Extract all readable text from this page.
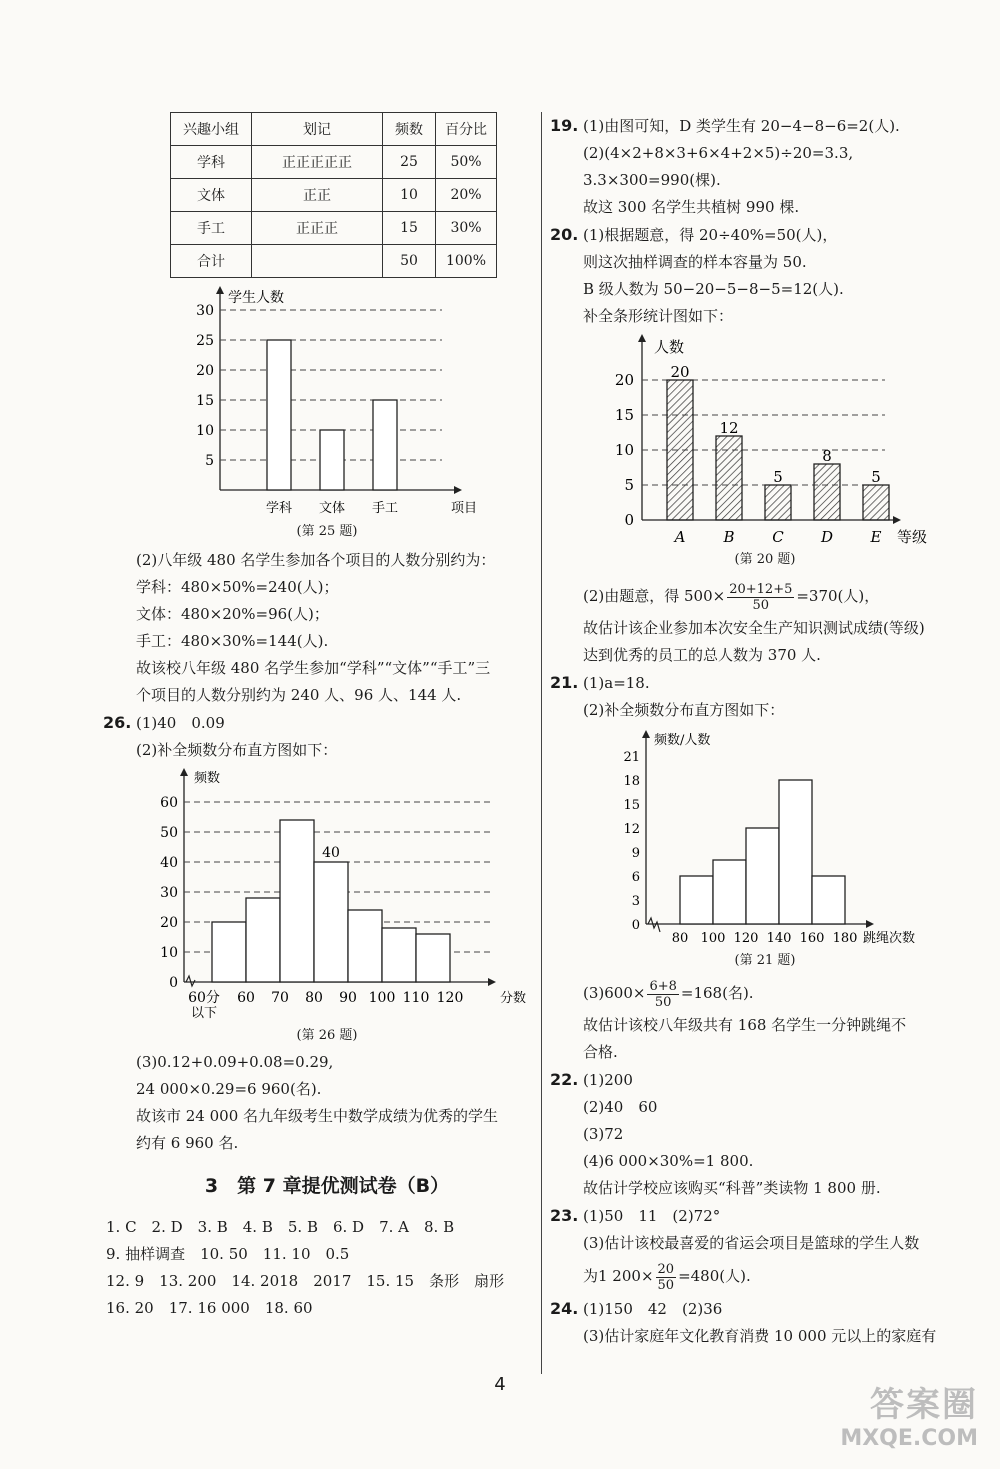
兴趣小组	划记	频数	百分比
学科	正正正正正	25	50%
文体	正正	10	20%
手工	正正正	15	30%
合计		50	100%
学生人数
5
10
15
20
25
30
学科 文体 手工	项目
(第 25 题)
(2)八年级 480 名学生参加各个项目的人数分别约为：
学科：480×50%=240(人)；
文体：480×20%=96(人)；
手工：480×30%=144(人).
故该校八年级 480 名学生参加“学科”“文体”“手工”三
个项目的人数分别约为 240 人、96 人、144 人.
26. (1)40　0.09
(2)补全频数分布直方图如下：
频数
0
10
20
30
40
50
60
60分 60 70 80 90 100 110 120
以下
40
分数
(第 26 题)
(3)0.12+0.09+0.08=0.29,
24 000×0.29=6 960(名).
故该市 24 000 名九年级考生中数学成绩为优秀的学生
约有 6 960 名.
3　第 7 章提优测试卷（B）
1. C　2. D　3. B　4. B　5. B　6. D　7. A　8. B
9. 抽样调查　10. 50　11. 10　0.5
12. 9　13. 200　14. 2018　2017　15. 15　条形　扇形
16. 20　17. 16 000　18. 60
19. (1)由图可知，D 类学生有 20−4−8−6=2(人).
(2)(4×2+8×3+6×4+2×5)÷20=3.3,
3.3×300=990(棵).
故这 300 名学生共植树 990 棵.
20. (1)根据题意，得 20÷40%=50(人)，
则这次抽样调查的样本容量为 50.
B 级人数为 50−20−5−8−5=12(人).
补全条形统计图如下：
人数
0
5
10
15
20 20
A
12
B
5
C
8
D
5
E 等级
(第 20 题)
(2)由题意，得 $500\times \frac{20+12+5}{50} =370$(人)，
故估计该企业参加本次安全生产知识测试成绩(等级)
达到优秀的员工的总人数为 370 人.
21. (1)a=18.
(2)补全频数分布直方图如下：
频数/人数
0
3
6
9
12
15
18
21
80 100 120 140 160 180 跳绳次数
(第 21 题)
$(3)600\times \frac{6+8}{50} =168$(名).
故估计该校八年级共有 168 名学生一分钟跳绳不
合格.
22. (1)200
(2)40　60
(3)72
(4)6 000×30%=1 800.
故估计学校应该购买“科普”类读物 1 800 册.
23. (1)50　11　(2)72°
(3)估计该校最喜爱的省运会项目是篮球的学生人数
为1 $200\times \frac{20}{50} =480$(人).
24. (1)150　42　(2)36
(3)估计家庭年文化教育消费 10 000 元以上的家庭有
4
答案圈
MXQE.COM
